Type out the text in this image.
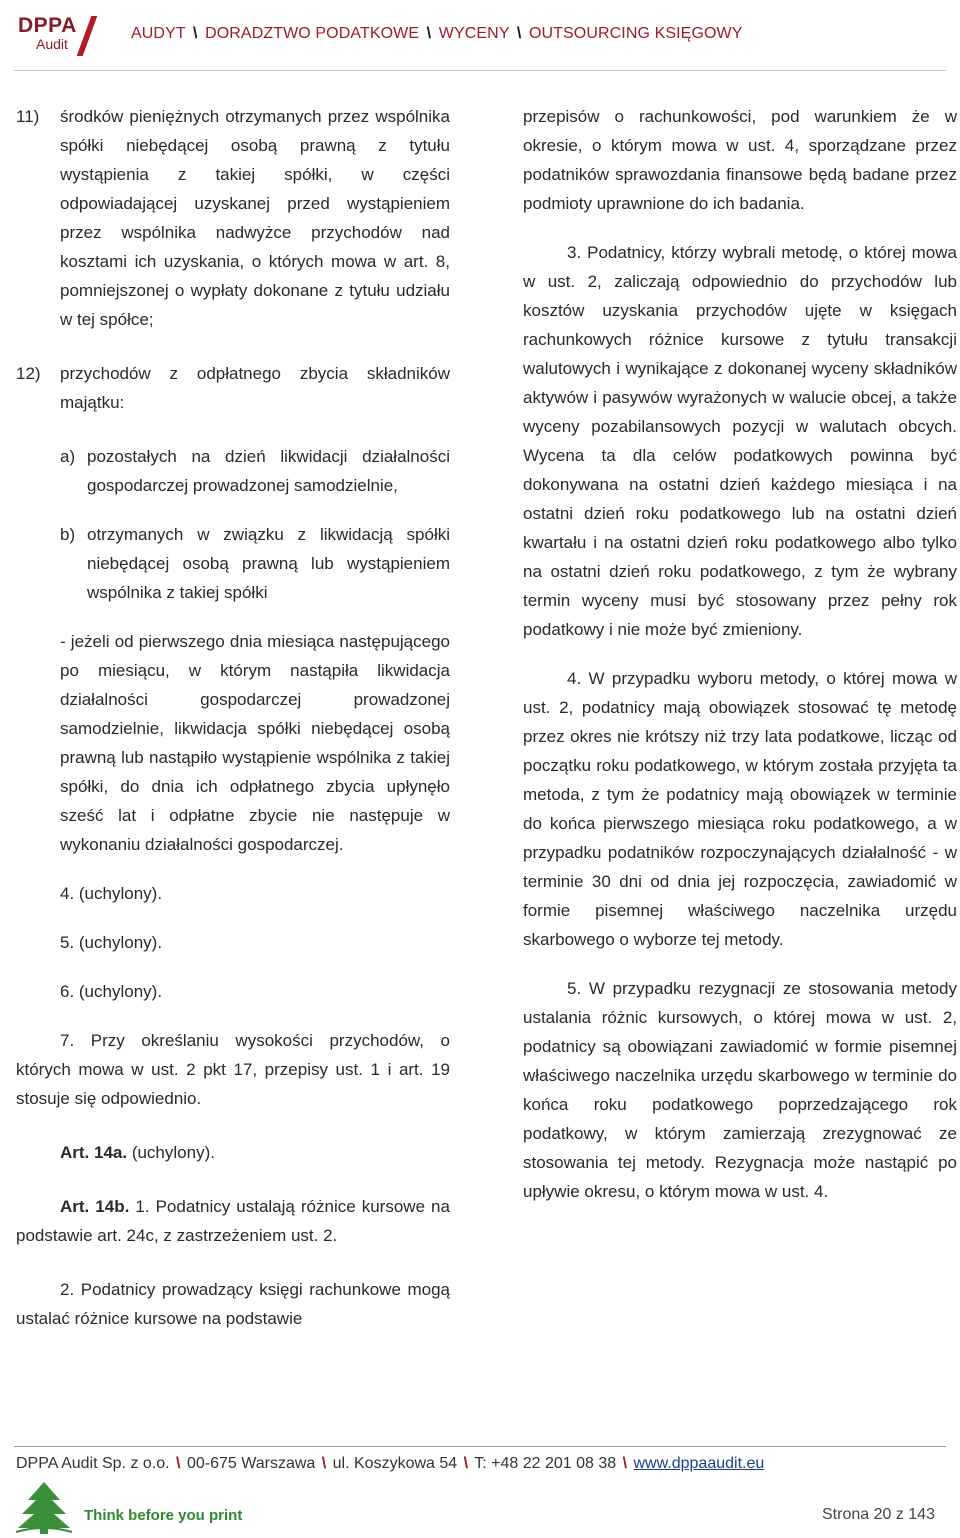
DPPA
Audit
AUDYT \ DORADZTWO PODATKOWE \ WYCENY \ OUTSOURCING KSIĘGOWY
11)	środków pieniężnych otrzymanych przez wspólnika spółki niebędącej osobą prawną z tytułu wystąpienia z takiej spółki, w części odpowiadającej uzyskanej przed wystąpieniem przez wspólnika nadwyżce przychodów nad kosztami ich uzyskania, o których mowa w art. 8, pomniejszonej o wypłaty dokonane z tytułu udziału w tej spółce;
12)	przychodów z odpłatnego zbycia składników majątku:
a) pozostałych na dzień likwidacji działalności gospodarczej prowadzonej samodzielnie,
b) otrzymanych w związku z likwidacją spółki niebędącej osobą prawną lub wystąpieniem wspólnika z takiej spółki

- jeżeli od pierwszego dnia miesiąca następującego po miesiącu, w którym nastąpiła likwidacja działalności gospodarczej prowadzonej samodzielnie, likwidacja spółki niebędącej osobą prawną lub nastąpiło wystąpienie wspólnika z takiej spółki, do dnia ich odpłatnego zbycia upłynęło sześć lat i odpłatne zbycie nie następuje w wykonaniu działalności gospodarczej.

4. (uchylony).

5. (uchylony).

6. (uchylony).

7. Przy określaniu wysokości przychodów, o których mowa w ust. 2 pkt 17, przepisy ust. 1 i art. 19 stosuje się odpowiednio.

Art. 14a. (uchylony).

Art. 14b. 1. Podatnicy ustalają różnice kursowe na podstawie art. 24c, z zastrzeżeniem ust. 2.

2. Podatnicy prowadzący księgi rachunkowe mogą ustalać różnice kursowe na podstawie

przepisów o rachunkowości, pod warunkiem że w okresie, o którym mowa w ust. 4, sporządzane przez podatników sprawozdania finansowe będą badane przez podmioty uprawnione do ich badania.

3. Podatnicy, którzy wybrali metodę, o której mowa w ust. 2, zaliczają odpowiednio do przychodów lub kosztów uzyskania przychodów ujęte w księgach rachunkowych różnice kursowe z tytułu transakcji walutowych i wynikające z dokonanej wyceny składników aktywów i pasywów wyrażonych w walucie obcej, a także wyceny pozabilansowych pozycji w walutach obcych. Wycena ta dla celów podatkowych powinna być dokonywana na ostatni dzień każdego miesiąca i na ostatni dzień roku podatkowego lub na ostatni dzień kwartału i na ostatni dzień roku podatkowego albo tylko na ostatni dzień roku podatkowego, z tym że wybrany termin wyceny musi być stosowany przez pełny rok podatkowy i nie może być zmieniony.

4. W przypadku wyboru metody, o której mowa w ust. 2, podatnicy mają obowiązek stosować tę metodę przez okres nie krótszy niż trzy lata podatkowe, licząc od początku roku podatkowego, w którym została przyjęta ta metoda, z tym że podatnicy mają obowiązek w terminie do końca pierwszego miesiąca roku podatkowego, a w przypadku podatników rozpoczynających działalność - w terminie 30 dni od dnia jej rozpoczęcia, zawiadomić w formie pisemnej właściwego naczelnika urzędu skarbowego o wyborze tej metody.

5. W przypadku rezygnacji ze stosowania metody ustalania różnic kursowych, o której mowa w ust. 2, podatnicy są obowiązani zawiadomić w formie pisemnej właściwego naczelnika urzędu skarbowego w terminie do końca roku podatkowego poprzedzającego rok podatkowy, w którym zamierzają zrezygnować ze stosowania tej metody. Rezygnacja może nastąpić po upływie okresu, o którym mowa w ust. 4.

DPPA Audit Sp. z o.o. \ 00-675 Warszawa \ ul. Koszykowa 54 \ T: +48 22 201 08 38 \ www.dppaaudit.eu
Think before you print	Strona 20 z 143
